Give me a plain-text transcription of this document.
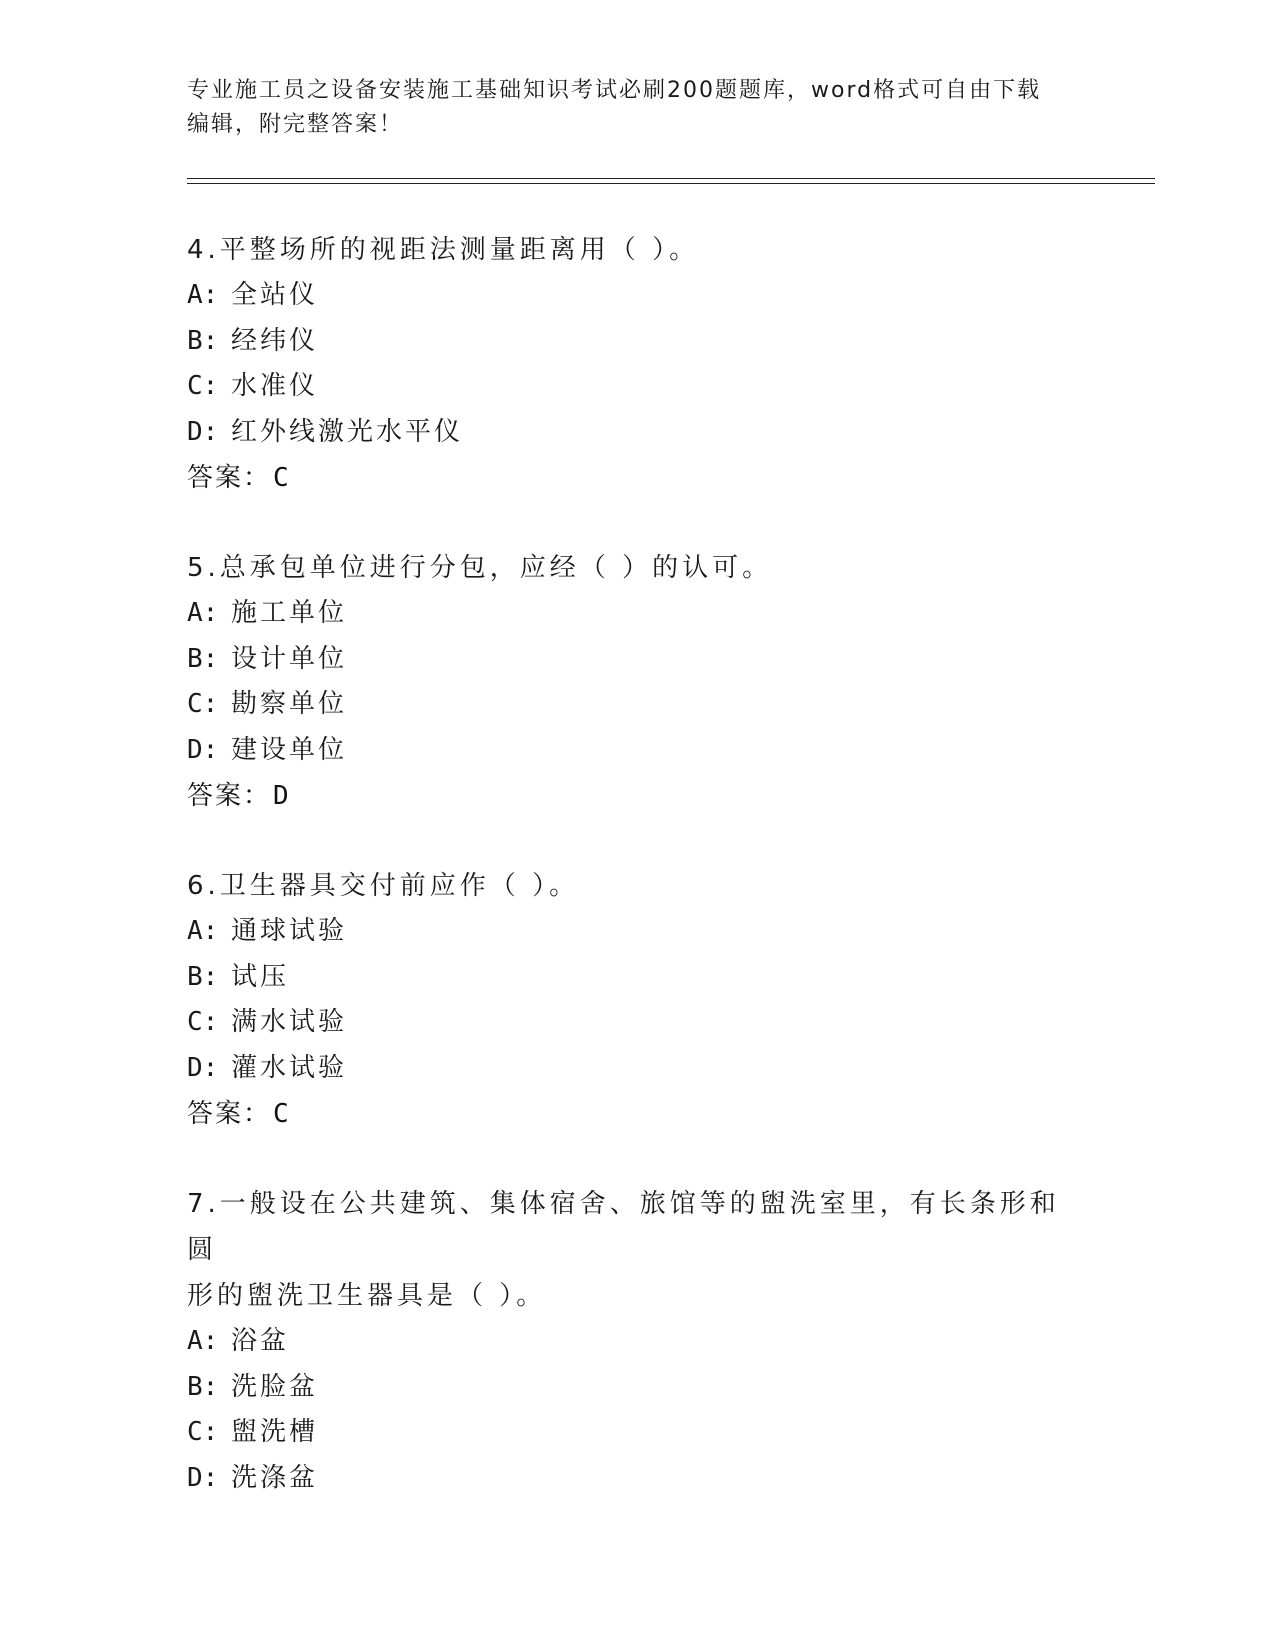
专业施工员之设备安装施工基础知识考试必刷200题题库，word格式可自由下载
编辑，附完整答案！
4.平整场所的视距法测量距离用（ ）。
A: 全站仪
B: 经纬仪
C: 水准仪
D: 红外线激光水平仪
答案：C
5.总承包单位进行分包，应经（ ）的认可。
A: 施工单位
B: 设计单位
C: 勘察单位
D: 建设单位
答案：D
6.卫生器具交付前应作（ ）。
A: 通球试验
B: 试压
C: 满水试验
D: 灌水试验
答案：C
7.一般设在公共建筑、集体宿舍、旅馆等的盥洗室里，有长条形和圆
形的盥洗卫生器具是（ ）。
A: 浴盆
B: 洗脸盆
C: 盥洗槽
D: 洗涤盆
